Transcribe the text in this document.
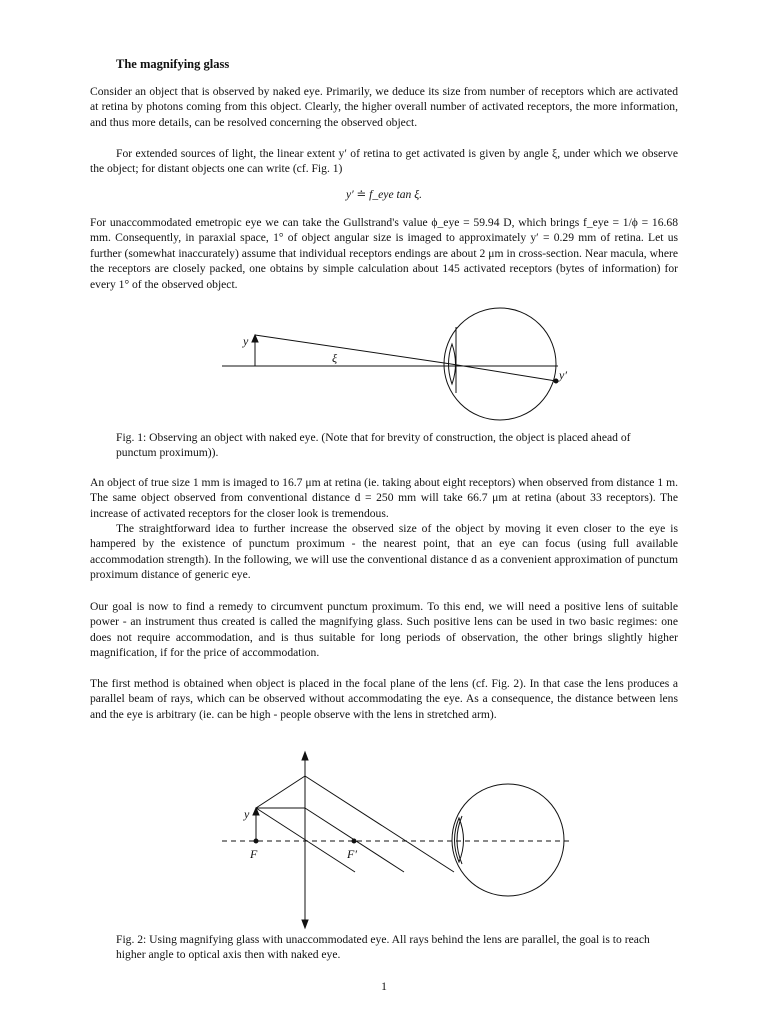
The magnifying glass

Consider an object that is observed by naked eye. Primarily, we deduce its size from number of receptors which are activated at retina by photons coming from this object. Clearly, the higher overall number of activated receptors, the more information, and thus more details, can be resolved concerning the observed object.

For extended sources of light, the linear extent y′ of retina to get activated is given by angle ξ, under which we observe the object; for distant objects one can write (cf. Fig. 1)

y′ ≐ f_eye tan ξ.

For unaccommodated emetropic eye we can take the Gullstrand's value ϕ_eye = 59.94 D, which brings f_eye = 1/ϕ = 16.68 mm. Consequently, in paraxial space, 1° of object angular size is imaged to approximately y′ = 0.29 mm of retina. Let us further (somewhat inaccurately) assume that individual receptors endings are about 2 μm in cross-section. Near macula, where the receptors are closely packed, one obtains by simple calculation about 145 activated receptors (bytes of information) for every 1° of the observed object.

y
ξ
y′
y
F	F′

Fig. 1: Observing an object with naked eye. (Note that for brevity of construction, the object is placed ahead of punctum proximum)).

An object of true size 1 mm is imaged to 16.7 μm at retina (ie. taking about eight receptors) when observed from distance 1 m. The same object observed from conventional distance d = 250 mm will take 66.7 μm at retina (about 33 receptors). The increase of activated receptors for the closer look is tremendous.

The straightforward idea to further increase the observed size of the object by moving it even closer to the eye is hampered by the existence of punctum proximum - the nearest point, that an eye can focus (using full available accommodation strength). In the following, we will use the conventional distance d as a convenient approximation of punctum proximum distance of generic eye.

Our goal is now to find a remedy to circumvent punctum proximum. To this end, we will need a positive lens of suitable power - an instrument thus created is called the magnifying glass. Such positive lens can be used in two basic regimes: one does not require accommodation, and is thus suitable for long periods of observation, the other brings slightly higher magnification, if for the price of accommodation.

The first method is obtained when object is placed in the focal plane of the lens (cf. Fig. 2). In that case the lens produces a parallel beam of rays, which can be observed without accommodating the eye. As a consequence, the distance between lens and the eye is arbitrary (ie. can be high - people observe with the lens in stretched arm).

Fig. 2: Using magnifying glass with unaccommodated eye. All rays behind the lens are parallel, the goal is to reach higher angle to optical axis then with naked eye.

1
